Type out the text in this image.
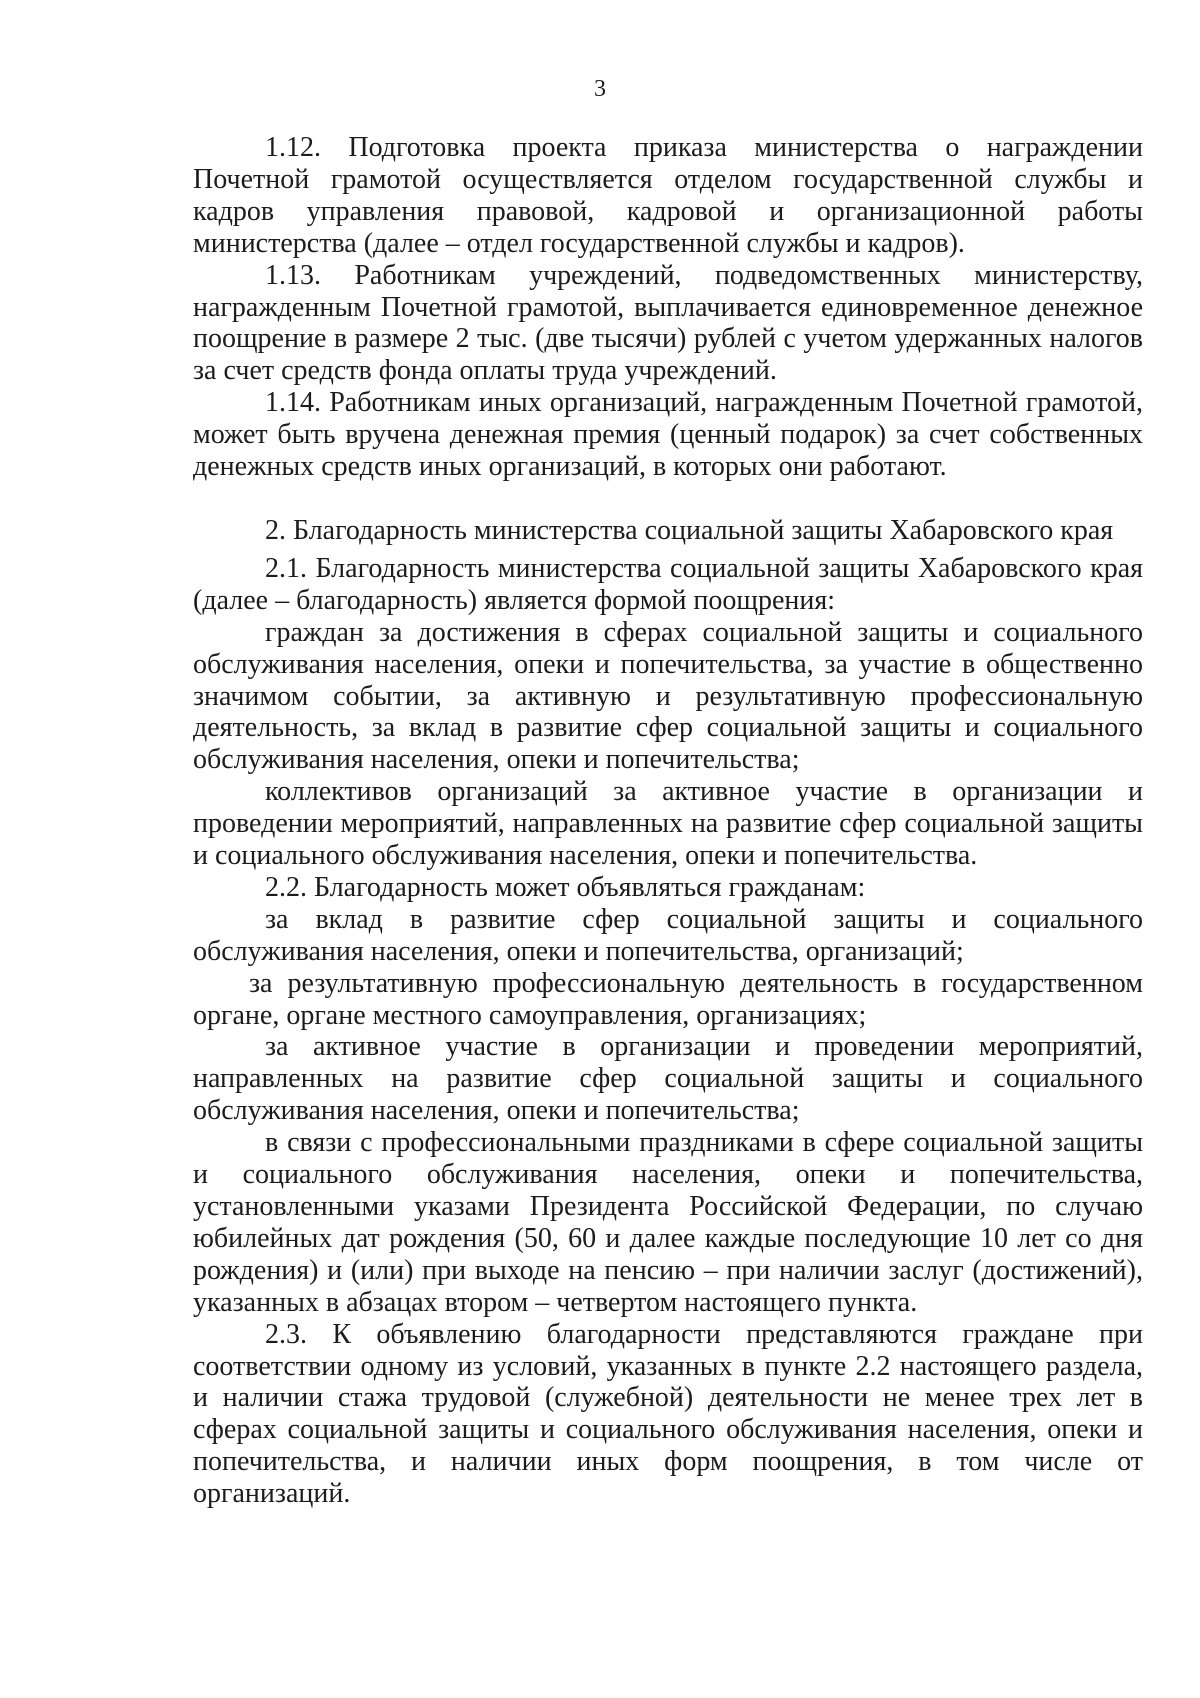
3

1.12. Подготовка проекта приказа министерства о награждении Почетной грамотой осуществляется отделом государственной службы и кадров управления правовой, кадровой и организационной работы министерства (далее – отдел государственной службы и кадров).

1.13. Работникам учреждений, подведомственных министерству, награжденным Почетной грамотой, выплачивается единовременное денежное поощрение в размере 2 тыс. (две тысячи) рублей с учетом удержанных налогов за счет средств фонда оплаты труда учреждений.

1.14. Работникам иных организаций, награжденным Почетной грамотой, может быть вручена денежная премия (ценный подарок) за счет собственных денежных средств иных организаций, в которых они работают.

2. Благодарность министерства социальной защиты Хабаровского края

2.1. Благодарность министерства социальной защиты Хабаровского края (далее – благодарность) является формой поощрения:

граждан за достижения в сферах социальной защиты и социального обслуживания населения, опеки и попечительства, за участие в общественно значимом событии, за активную и результативную профессиональную деятельность, за вклад в развитие сфер социальной защиты и социального обслуживания населения, опеки и попечительства;

коллективов организаций за активное участие в организации и проведении мероприятий, направленных на развитие сфер социальной защиты и социального обслуживания населения, опеки и попечительства.

2.2. Благодарность может объявляться гражданам:

за вклад в развитие сфер социальной защиты и социального обслуживания населения, опеки и попечительства, организаций;

за результативную профессиональную деятельность в государственном органе, органе местного самоуправления, организациях;

за активное участие в организации и проведении мероприятий, направленных на развитие сфер социальной защиты и социального обслуживания населения, опеки и попечительства;

в связи с профессиональными праздниками в сфере социальной защиты и социального обслуживания населения, опеки и попечительства, установленными указами Президента Российской Федерации, по случаю юбилейных дат рождения (50, 60 и далее каждые последующие 10 лет со дня рождения) и (или) при выходе на пенсию – при наличии заслуг (достижений), указанных в абзацах втором – четвертом настоящего пункта.

2.3. К объявлению благодарности представляются граждане при соответствии одному из условий, указанных в пункте 2.2 настоящего раздела, и наличии стажа трудовой (служебной) деятельности не менее трех лет в сферах социальной защиты и социального обслуживания населения, опеки и попечительства, и наличии иных форм поощрения, в том числе от организаций.
